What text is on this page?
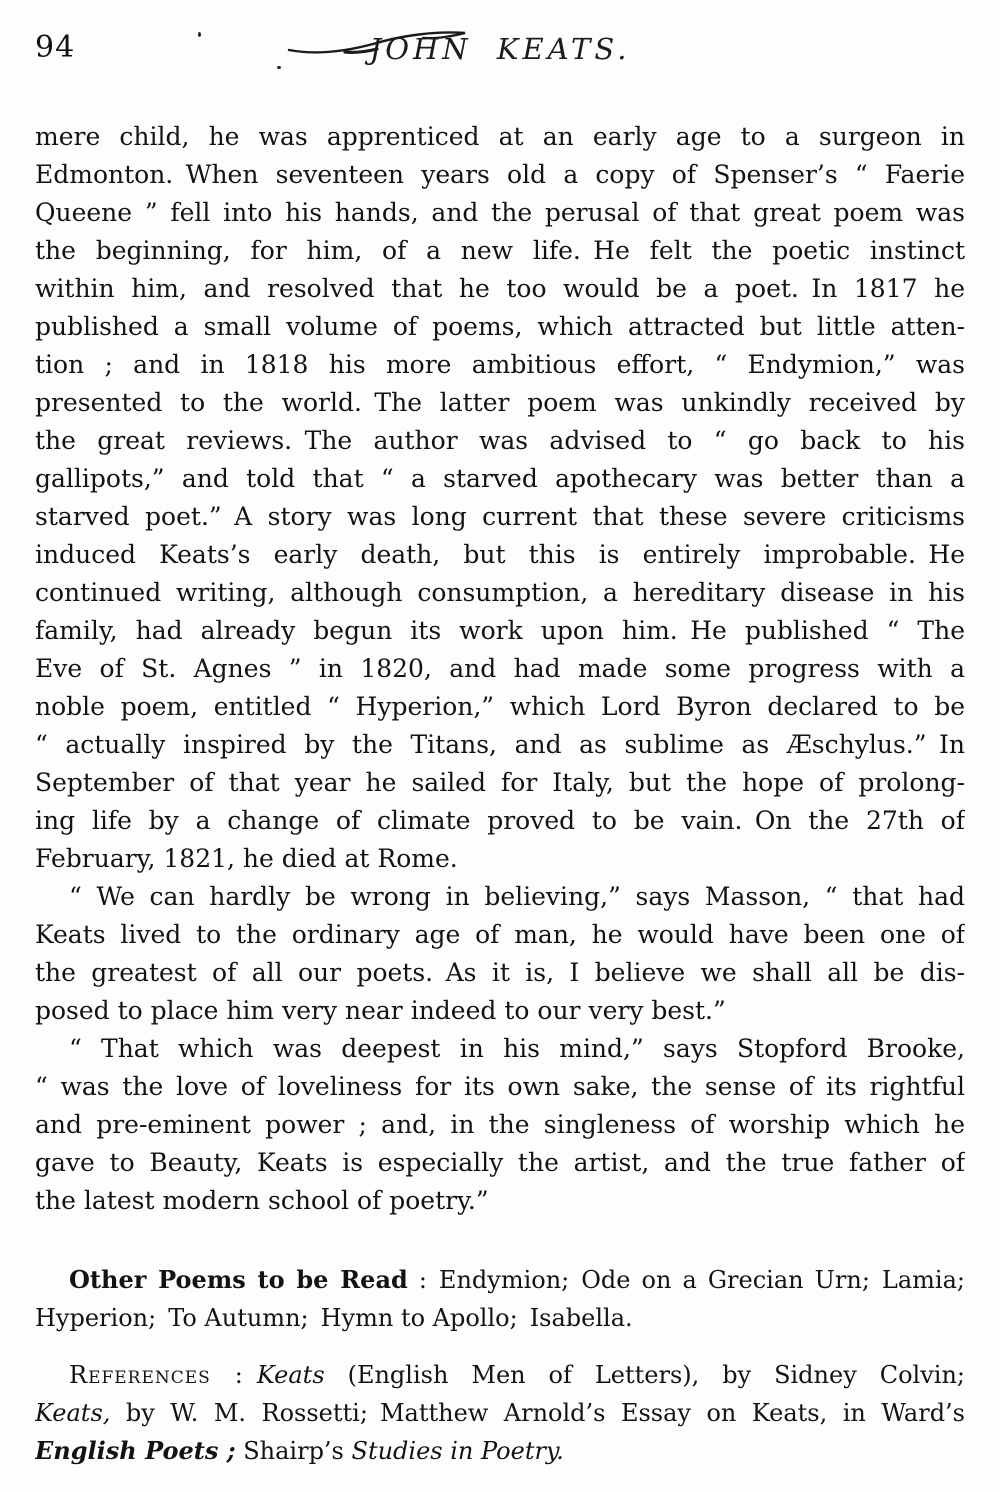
94	JOHN KEATS.
mere child, he was apprenticed at an early age to a surgeon in
Edmonton. When seventeen years old a copy of Spenser’s “ Faerie
Queene ” fell into his hands, and the perusal of that great poem was
the beginning, for him, of a new life. He felt the poetic instinct
within him, and resolved that he too would be a poet. In 1817 he
published a small volume of poems, which attracted but little atten-
tion ; and in 1818 his more ambitious effort, “ Endymion,” was
presented to the world. The latter poem was unkindly received by
the great reviews. The author was advised to “ go back to his
gallipots,” and told that “ a starved apothecary was better than a
starved poet.” A story was long current that these severe criticisms
induced Keats’s early death, but this is entirely improbable. He
continued writing, although consumption, a hereditary disease in his
family, had already begun its work upon him. He published “ The
Eve of St. Agnes ” in 1820, and had made some progress with a
noble poem, entitled “ Hyperion,” which Lord Byron declared to be
“ actually inspired by the Titans, and as sublime as Æschylus.” In
September of that year he sailed for Italy, but the hope of prolong-
ing life by a change of climate proved to be vain. On the 27th of
February, 1821, he died at Rome.
“ We can hardly be wrong in believing,” says Masson, “ that had
Keats lived to the ordinary age of man, he would have been one of
the greatest of all our poets. As it is, I believe we shall all be dis-
posed to place him very near indeed to our very best.”
“ That which was deepest in his mind,” says Stopford Brooke,
“ was the love of loveliness for its own sake, the sense of its rightful
and pre-eminent power ; and, in the singleness of worship which he
gave to Beauty, Keats is especially the artist, and the true father of
the latest modern school of poetry.”
Other Poems to be Read : Endymion; Ode on a Grecian Urn; Lamia;
Hyperion; To Autumn; Hymn to Apollo; Isabella.
References : Keats (English Men of Letters), by Sidney Colvin;
Keats, by W. M. Rossetti; Matthew Arnold’s Essay on Keats, in Ward’s
English Poets ; Shairp’s Studies in Poetry.
